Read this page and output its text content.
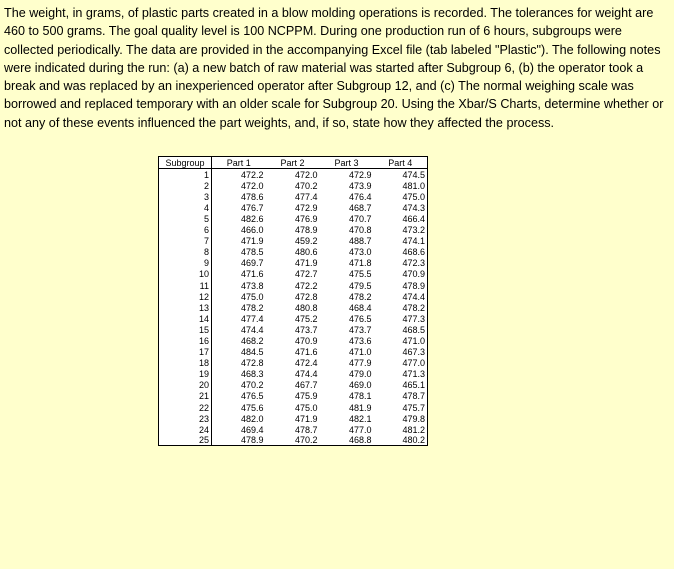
The weight, in grams, of plastic parts created in a blow molding operations is recorded. The tolerances for weight are 460 to 500 grams. The goal quality level is 100 NCPPM. During one production run of 6 hours, subgroups were collected periodically. The data are provided in the accompanying Excel file (tab labeled "Plastic"). The following notes were indicated during the run: (a) a new batch of raw material was started after Subgroup 6, (b) the operator took a break and was replaced by an inexperienced operator after Subgroup 12, and (c) The normal weighing scale was borrowed and replaced temporary with an older scale for Subgroup 20. Using the Xbar/S Charts, determine whether or not any of these events influenced the part weights, and, if so, state how they affected the process.

Subgroup	Part 1	Part 2	Part 3	Part 4
1	472.2	472.0	472.9	474.5
2	472.0	470.2	473.9	481.0
3	478.6	477.4	476.4	475.0
4	476.7	472.9	468.7	474.3
5	482.6	476.9	470.7	466.4
6	466.0	478.9	470.8	473.2
7	471.9	459.2	488.7	474.1
8	478.5	480.6	473.0	468.6
9	469.7	471.9	471.8	472.3
10	471.6	472.7	475.5	470.9
11	473.8	472.2	479.5	478.9
12	475.0	472.8	478.2	474.4
13	478.2	480.8	468.4	478.2
14	477.4	475.2	476.5	477.3
15	474.4	473.7	473.7	468.5
16	468.2	470.9	473.6	471.0
17	484.5	471.6	471.0	467.3
18	472.8	472.4	477.9	477.0
19	468.3	474.4	479.0	471.3
20	470.2	467.7	469.0	465.1
21	476.5	475.9	478.1	478.7
22	475.6	475.0	481.9	475.7
23	482.0	471.9	482.1	479.8
24	469.4	478.7	477.0	481.2
25	478.9	470.2	468.8	480.2
